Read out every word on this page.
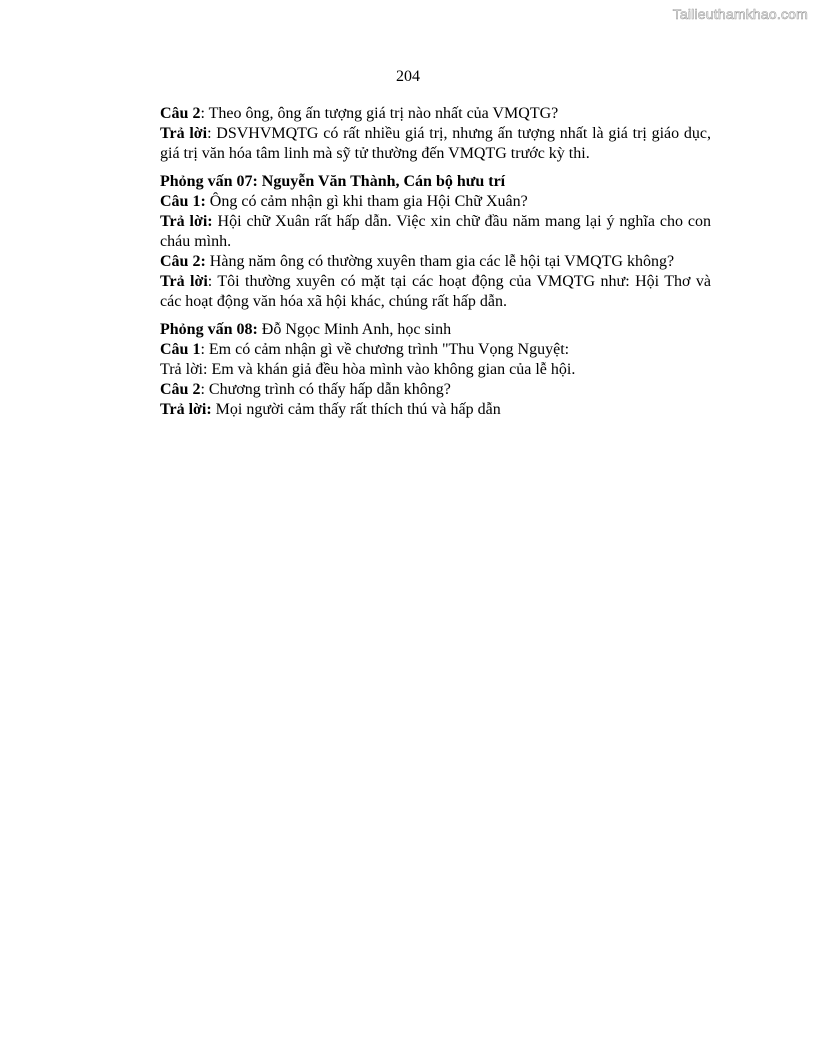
Tailieuthamkhao.com
204

Câu 2: Theo ông, ông ấn tượng giá trị nào nhất của VMQTG?

Trả lời: DSVHVMQTG có rất nhiều giá trị, nhưng ấn tượng nhất là giá trị giáo dục, giá trị văn hóa tâm linh mà sỹ tử thường đến VMQTG trước kỳ thi.

Phỏng vấn 07: Nguyễn Văn Thành, Cán bộ hưu trí

Câu 1: Ông có cảm nhận gì khi tham gia Hội Chữ Xuân?

Trả lời: Hội chữ Xuân rất hấp dẫn. Việc xin chữ đầu năm mang lại ý nghĩa cho con cháu mình.

Câu 2: Hàng năm ông có thường xuyên tham gia các lễ hội tại VMQTG không?

Trả lời: Tôi thường xuyên có mặt tại các hoạt động của VMQTG như: Hội Thơ và các hoạt động văn hóa xã hội khác, chúng rất hấp dẫn.

Phỏng vấn 08: Đỗ Ngọc Minh Anh, học sinh

Câu 1: Em có cảm nhận gì về chương trình "Thu Vọng Nguyệt:

Trả lời: Em và khán giả đều hòa mình vào không gian của lễ hội.

Câu 2: Chương trình có thấy hấp dẫn không?

Trả lời: Mọi người cảm thấy rất thích thú và hấp dẫn
